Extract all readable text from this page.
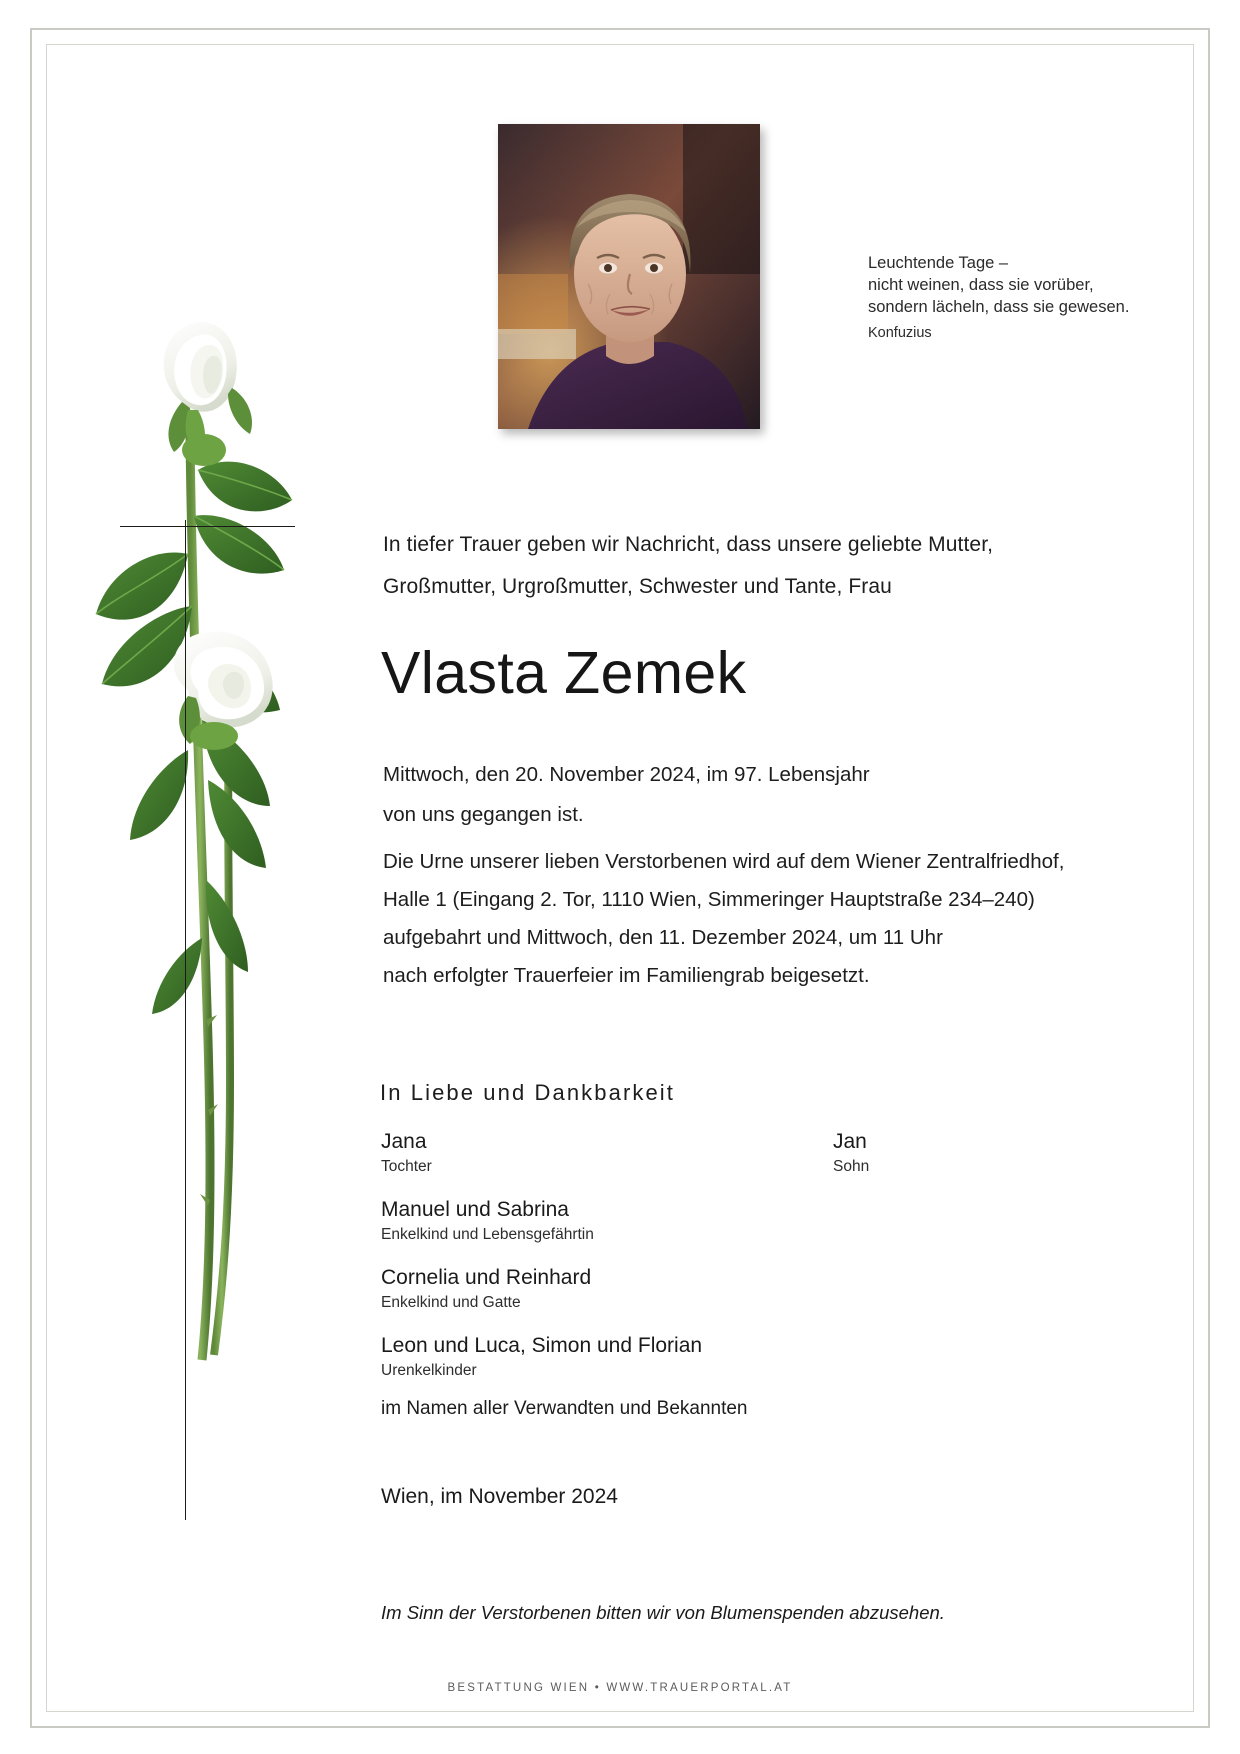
Leuchtende Tage –
nicht weinen, dass sie vorüber,
sondern lächeln, dass sie gewesen.
Konfuzius

In tiefer Trauer geben wir Nachricht, dass unsere geliebte Mutter,

Großmutter, Urgroßmutter, Schwester und Tante, Frau

Vlasta Zemek

Mittwoch, den 20. November 2024, im 97. Lebensjahr

von uns gegangen ist.

Die Urne unserer lieben Verstorbenen wird auf dem Wiener Zentralfriedhof,

Halle 1 (Eingang 2. Tor, 1110 Wien, Simmeringer Hauptstraße 234–240)

aufgebahrt und Mittwoch, den 11. Dezember 2024, um 11 Uhr

nach erfolgter Trauerfeier im Familiengrab beigesetzt.

In Liebe und Dankbarkeit
Jana
Tochter
Jan
Sohn
Manuel und Sabrina
Enkelkind und Lebensgefährtin
Cornelia und Reinhard
Enkelkind und Gatte
Leon und Luca, Simon und Florian
Urenkelkinder
im Namen aller Verwandten und Bekannten
Wien, im November 2024
Im Sinn der Verstorbenen bitten wir von Blumenspenden abzusehen.
BESTATTUNG WIEN • WWW.TRAUERPORTAL.AT
